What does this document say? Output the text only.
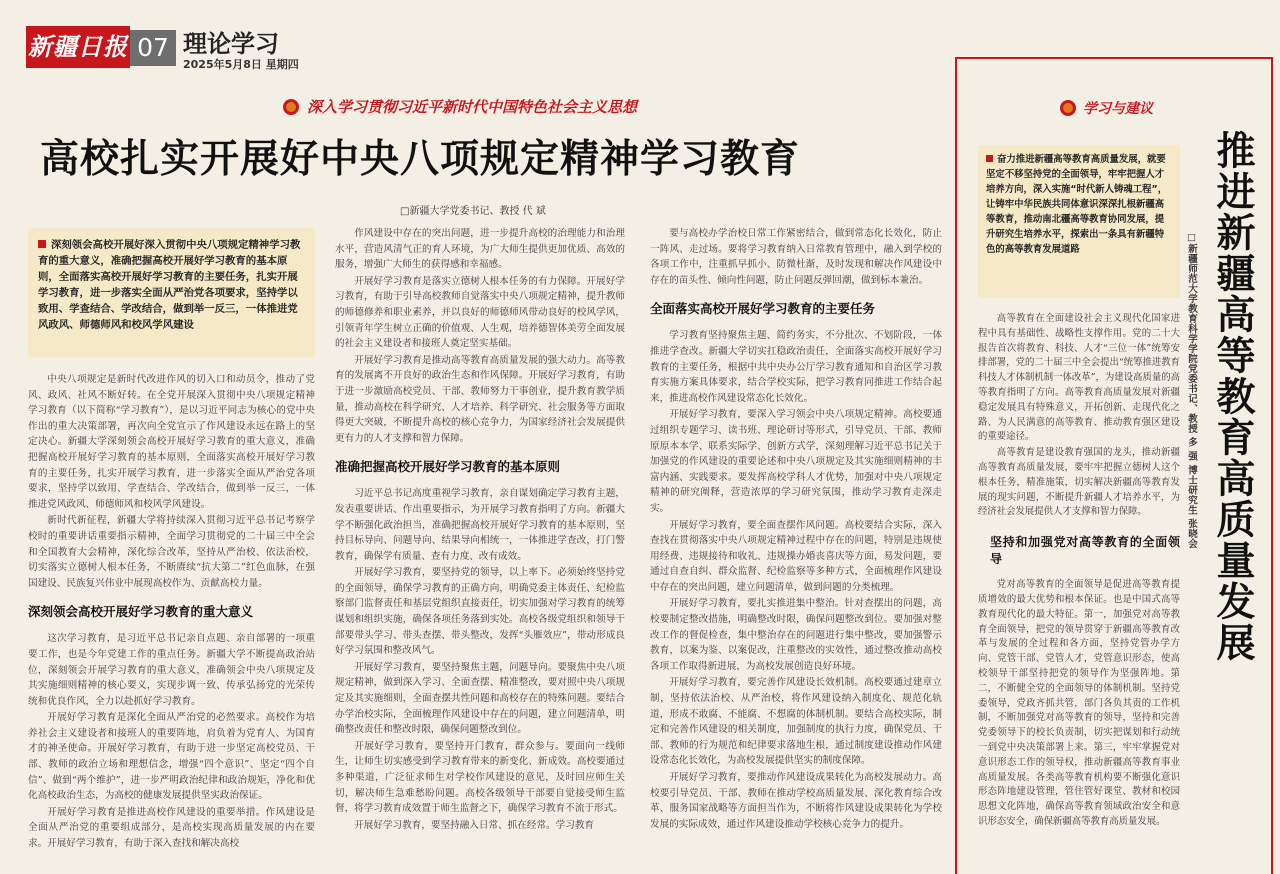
新疆日报 07 理论学习
2025年5月8日 星期四
深入学习贯彻习近平新时代中国特色社会主义思想
高校扎实开展好中央八项规定精神学习教育
□新疆大学党委书记、教授 代 斌
深刻领会高校开展好深入贯彻中央八项规定精神学习教育的重大意义，准确把握高校开展好学习教育的基本原则，全面落实高校开展好学习教育的主要任务，扎实开展学习教育，进一步落实全面从严治党各项要求，坚持学以致用、学查结合、学改结合，做到举一反三，一体推进党风政风、师德师风和校风学风建设

中央八项规定是新时代改进作风的切入口和动员令，推动了党风、政风、社风不断好转。在全党开展深入贯彻中央八项规定精神学习教育（以下简称“学习教育”），是以习近平同志为核心的党中央作出的重大决策部署，再次向全党宣示了作风建设永远在路上的坚定决心。新疆大学深刻领会高校开展好学习教育的重大意义，准确把握高校开展好学习教育的基本原则，全面落实高校开展好学习教育的主要任务，扎实开展学习教育，进一步落实全面从严治党各项要求，坚持学以致用、学查结合、学改结合，做到举一反三，一体推进党风政风、师德师风和校风学风建设。

新时代新征程，新疆大学将持续深入贯彻习近平总书记考察学校时的重要讲话重要指示精神，全面学习贯彻党的二十届三中全会和全国教育大会精神，深化综合改革，坚持从严治校、依法治校，切实落实立德树人根本任务，不断赓续“抗大第二”红色血脉，在强国建设、民族复兴伟业中展现高校作为、贡献高校力量。

深刻领会高校开展好学习教育的重大意义

这次学习教育，是习近平总书记亲自点题、亲自部署的一项重要工作，也是今年党建工作的重点任务。新疆大学不断提高政治站位，深刻领会开展学习教育的重大意义，准确领会中央八项规定及其实施细则精神的核心要义，实现步调一致、传承弘扬党的光荣传统和优良作风，全力以赴抓好学习教育。

开展好学习教育是深化全面从严治党的必然要求。高校作为培养社会主义建设者和接班人的重要阵地，肩负着为党育人、为国育才的神圣使命。开展好学习教育，有助于进一步坚定高校党员、干部、教师的政治立场和理想信念，增强“四个意识”、坚定“四个自信”、做到“两个维护”，进一步严明政治纪律和政治规矩，净化和优化高校政治生态，为高校的健康发展提供坚实政治保证。

开展好学习教育是推进高校作风建设的重要举措。作风建设是全面从严治党的重要组成部分，是高校实现高质量发展的内在要求。开展好学习教育，有助于深入查找和解决高校

作风建设中存在的突出问题，进一步提升高校的治理能力和治理水平，营造风清气正的育人环境，为广大师生提供更加优质、高效的服务，增强广大师生的获得感和幸福感。

开展好学习教育是落实立德树人根本任务的有力保障。开展好学习教育，有助于引导高校教师自觉落实中央八项规定精神，提升教师的师德修养和职业素养，并以良好的师德师风带动良好的校风学风，引领青年学生树立正确的价值观、人生观，培养德智体美劳全面发展的社会主义建设者和接班人奠定坚实基础。

开展好学习教育是推动高等教育高质量发展的强大动力。高等教育的发展离不开良好的政治生态和作风保障。开展好学习教育，有助于进一步激励高校党员、干部、教师努力干事创业，提升教育教学质量，推动高校在科学研究、人才培养、科学研究、社会服务等方面取得更大突破，不断提升高校的核心竞争力，为国家经济社会发展提供更有力的人才支撑和智力保障。

准确把握高校开展好学习教育的基本原则

习近平总书记高度重视学习教育，亲自谋划确定学习教育主题，发表重要讲话、作出重要指示，为开展学习教育指明了方向。新疆大学不断强化政治担当，准确把握高校开展好学习教育的基本原则，坚持目标导向、问题导向、结果导向相统一，一体推进学查改，打门警教育，确保学有质量、查有力度、改有成效。

开展好学习教育，要坚持党的领导，以上率下。必须始终坚持党的全面领导，确保学习教育的正确方向，明确党委主体责任、纪检监察部门监督责任和基层党组织直接责任，切实加强对学习教育的统筹谋划和组织实施，确保各项任务落到实处。高校各级党组织和领导干部要带头学习、带头查摆、带头整改，发挥“头雁效应”，带动形成良好学习氛围和整改风气。

开展好学习教育，要坚持聚焦主题，问题导向。要聚焦中央八项规定精神，做到深入学习、全面查摆、精准整改，要对照中央八项规定及其实施细则，全面查摆共性问题和高校存在的特殊问题。要结合办学治校实际，全面梳理作风建设中存在的问题，建立问题清单，明确整改责任和整改时限，确保问题整改到位。

开展好学习教育，要坚持开门教育，群众参与。要面向一线师生，让师生切实感受到学习教育带来的新变化、新成效。高校要通过多种渠道，广泛征求师生对学校作风建设的意见，及时回应师生关切，解决师生急难愁盼问题。高校各级领导干部要自觉接受师生监督，将学习教育成效置于师生监督之下，确保学习教育不流于形式。

开展好学习教育，要坚持融入日常、抓在经常。学习教育

要与高校办学治校日常工作紧密结合，做到常态化长效化，防止一阵风、走过场。要将学习教育纳入日常教育管理中，融入到学校的各项工作中，注重抓早抓小、防微杜渐，及时发现和解决作风建设中存在的苗头性、倾向性问题，防止问题反弹回潮，做到标本兼治。

全面落实高校开展好学习教育的主要任务

学习教育坚持聚焦主题、简约务实，不分批次、不划阶段，一体推进学查改。新疆大学切实扛稳政治责任，全面落实高校开展好学习教育的主要任务，根据中共中央办公厅学习教育通知和自治区学习教育实施方案具体要求，结合学校实际，把学习教育同推进工作结合起来，推进高校作风建设常态化长效化。

开展好学习教育，要深入学习领会中央八项规定精神。高校要通过组织专题学习、读书班、理论研讨等形式，引导党员、干部、教师原原本本学、联系实际学、创新方式学，深刻理解习近平总书记关于加强党的作风建设的重要论述和中央八项规定及其实施细则精神的丰富内涵、实践要求。要发挥高校学科人才优势，加强对中央八项规定精神的研究阐释，营造浓厚的学习研究氛围，推动学习教育走深走实。

开展好学习教育，要全面查摆作风问题。高校要结合实际，深入查找在贯彻落实中央八项规定精神过程中存在的问题，特别是违规使用经费、违规接待和收礼、违规操办婚丧喜庆等方面，易发问题，要通过自查自纠、群众监督、纪检监察等多种方式，全面梳理作风建设中存在的突出问题，建立问题清单，做到问题的分类梳理。

开展好学习教育，要扎实推进集中整治。针对查摆出的问题，高校要制定整改措施，明确整改时限，确保问题整改到位。要加强对整改工作的督促检查，集中整治存在的问题进行集中整改，要加强警示教育，以案为鉴、以案促改，注重整改的实效性，通过整改推动高校各项工作取得新进展，为高校发展创造良好环境。

开展好学习教育，要完善作风建设长效机制。高校要通过建章立制，坚持依法治校、从严治校，将作风建设纳入制度化、规范化轨道，形成不敢腐、不能腐、不想腐的体制机制。要结合高校实际，制定和完善作风建设的相关制度，加强制度的执行力度，确保党员、干部、教师的行为规范和纪律要求落地生根，通过制度建设推动作风建设常态化长效化，为高校发展提供坚实的制度保障。

开展好学习教育，要推动作风建设成果转化为高校发展动力。高校要引导党员、干部、教师在推动学校高质量发展、深化教育综合改革、服务国家战略等方面担当作为，不断将作风建设成果转化为学校发展的实际成效，通过作风建设推动学校核心竞争力的提升。

学习与建议
奋力推进新疆高等教育高质量发展，就要坚定不移坚持党的全面领导，牢牢把握人才培养方向，深入实施“时代新人铸魂工程”，让铸牢中华民族共同体意识深深扎根新疆高等教育，推动南北疆高等教育协同发展，提升研究生培养水平，探索出一条具有新疆特色的高等教育发展道路	推进新疆高等教育高质量发展
□新疆师范大学教育科学学院党委书记、教授 多 强 博士研究生 张晓会

高等教育在全面建设社会主义现代化国家进程中具有基础性、战略性支撑作用。党的二十大报告首次将教育、科技、人才“三位一体”统筹安排部署，党的二十届三中全会提出“统筹推进教育科技人才体制机制一体改革”，为建设高质量的高等教育指明了方向。高等教育高质量发展对新疆稳定发展具有特殊意义，开拓创新、走现代化之路、为人民满意的高等教育、推动教育强区建设的重要途径。

高等教育是建设教育强国的龙头，推动新疆高等教育高质量发展，要牢牢把握立德树人这个根本任务，精准施策，切实解决新疆高等教育发展的现实问题，不断提升新疆人才培养水平，为经济社会发展提供人才支撑和智力保障。

坚持和加强党对高等教育的全面领导

党对高等教育的全面领导是促进高等教育提质增效的最大优势和根本保证。也是中国式高等教育现代化的最大特征。第一，加强党对高等教育全面领导，把党的领导贯穿于新疆高等教育改革与发展的全过程和各方面，坚持党管办学方向、党管干部、党管人才，党管意识形态，使高校领导干部坚持把党的领导作为坚强阵地。第二，不断健全党的全面领导的体制机制。坚持党委领导，党政齐抓共管，部门各负其责的工作机制，不断加强党对高等教育的领导，坚持和完善党委领导下的校长负责制，切实把谋划和行动统一到党中央决策部署上来。第三，牢牢掌握党对意识形态工作的领导权，推动新疆高等教育事业高质量发展。各类高等教育机构要不断强化意识形态阵地建设管理，管住管好课堂、教材和校园思想文化阵地，确保高等教育领域政治安全和意识形态安全，确保新疆高等教育高质量发展。
